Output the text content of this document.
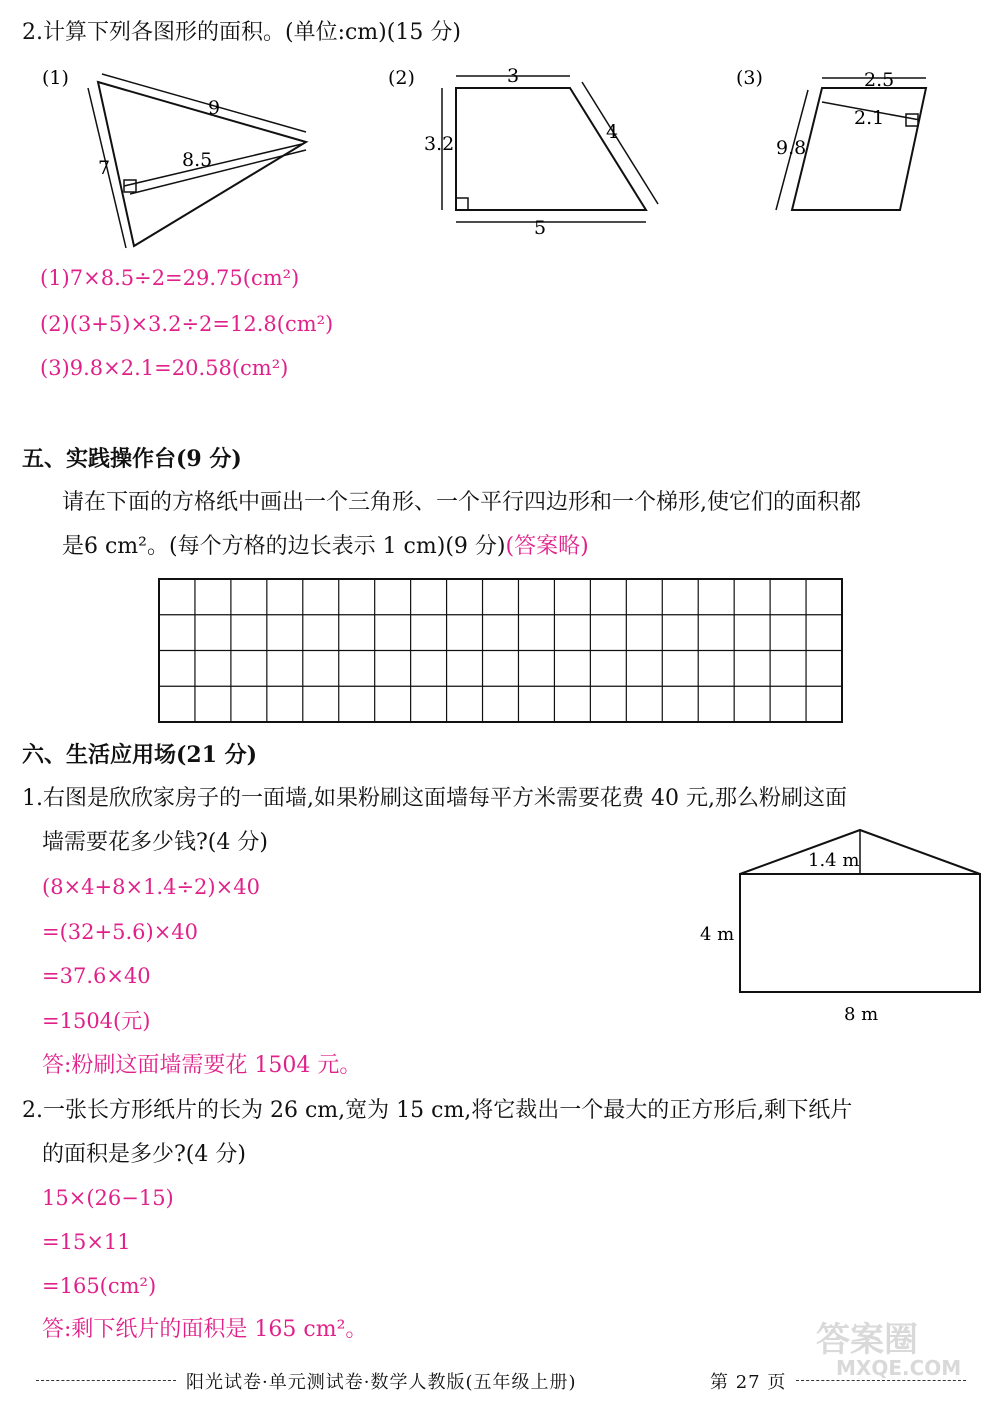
2.计算下列各图形的面积。(单位:cm)(15 分)
(1)
9
7	8.5
(2)	3
3.2
4
5
(3)	2.5
2.1
9.8
(1)7×8.5÷2=29.75(cm²)
(2)(3+5)×3.2÷2=12.8(cm²)
(3)9.8×2.1=20.58(cm²)
五、实践操作台(9 分)
请在下面的方格纸中画出一个三角形、一个平行四边形和一个梯形,使它们的面积都
是6 cm²。(每个方格的边长表示 1 cm)(9 分)(答案略)
六、生活应用场(21 分)
1.右图是欣欣家房子的一面墙,如果粉刷这面墙每平方米需要花费 40 元,那么粉刷这面
墙需要花多少钱?(4 分)
(8×4+8×1.4÷2)×40
=(32+5.6)×40
=37.6×40
=1504(元)
答:粉刷这面墙需要花 1504 元。
1.4 m
4 m
8 m
2.一张长方形纸片的长为 26 cm,宽为 15 cm,将它裁出一个最大的正方形后,剩下纸片
的面积是多少?(4 分)
15×(26−15)
=15×11
=165(cm²)
答:剩下纸片的面积是 165 cm²。	答案圈
MXQE.COM
阳光试卷·单元测试卷·数学人教版(五年级上册)	第 27 页
